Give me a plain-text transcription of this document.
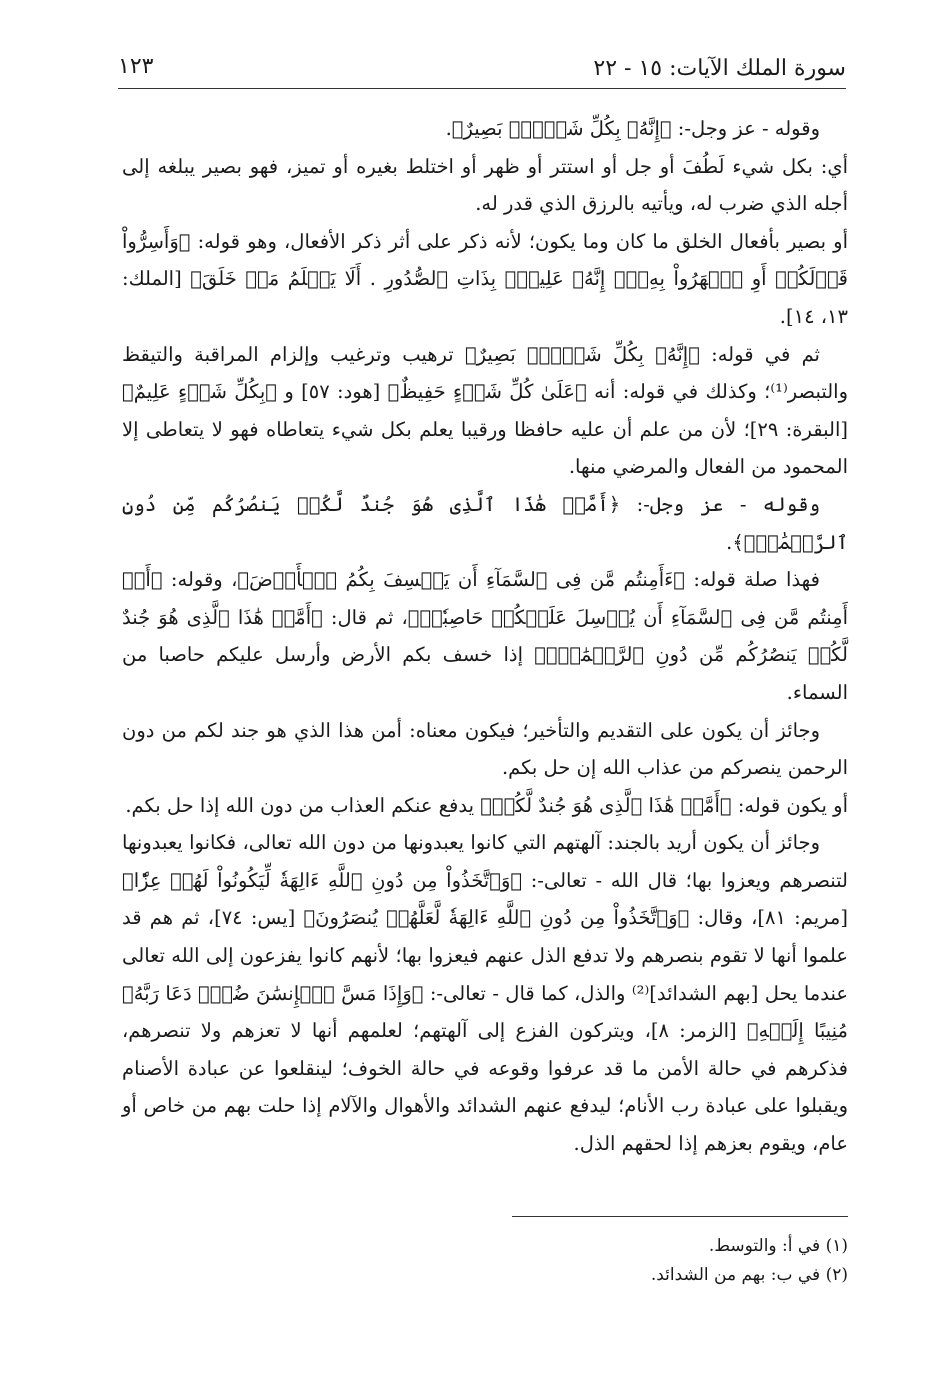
سورة الملك الآيات: ١٥ - ٢٢
١٢٣

وقوله - عز وجل-: ﴿إِنَّهُۥ بِكُلِّ شَىۡءِۭ بَصِيرٌ﴾.

أي: بكل شيء لَطُفَ أو جل أو استتر أو ظهر أو اختلط بغيره أو تميز، فهو بصير يبلغه إلى أجله الذي ضرب له، ويأتيه بالرزق الذي قدر له.

أو بصير بأفعال الخلق ما كان وما يكون؛ لأنه ذكر على أثر ذكر الأفعال، وهو قوله: ﴿وَأَسِرُّواْ قَوۡلَكُمۡ أَوِ ٱجۡهَرُواْ بِهِۦٓۖ إِنَّهُۥ عَلِيمُۢ بِذَاتِ ٱلصُّدُورِ . أَلَا يَعۡلَمُ مَنۡ خَلَقَ﴾ [الملك: ١٣، ١٤].

ثم في قوله: ﴿إِنَّهُۥ بِكُلِّ شَىۡءِۭ بَصِيرٌ﴾ ترهيب وترغيب وإلزام المراقبة والتيقظ والتبصر⁽¹⁾؛ وكذلك في قوله: أنه ﴿عَلَىٰ كُلِّ شَىۡءٍ حَفِيظٌ﴾ [هود: ٥٧] و ﴿بِكُلِّ شَىۡءٍ عَلِيمٌ﴾ [البقرة: ٢٩]؛ لأن من علم أن عليه حافظا ورقيبا يعلم بكل شيء يتعاطاه فهو لا يتعاطى إلا المحمود من الفعال والمرضي منها.

وقوله - عز وجل-: ﴿أَمَّنۡ هَٰذَا ٱلَّذِى هُوَ جُندٌ لَّكُمۡ يَنصُرُكُم مِّن دُونِ ٱلرَّحۡمَٰنِۚ﴾.

فهذا صلة قوله: ﴿ءَأَمِنتُم مَّن فِى ٱلسَّمَآءِ أَن يَخۡسِفَ بِكُمُ ٱلۡأَرۡضَ﴾، وقوله: ﴿أَمۡ أَمِنتُم مَّن فِى ٱلسَّمَآءِ أَن يُرۡسِلَ عَلَيۡكُمۡ حَاصِبٗاۖ﴾، ثم قال: ﴿أَمَّنۡ هَٰذَا ٱلَّذِى هُوَ جُندٌ لَّكُمۡ يَنصُرُكُم مِّن دُونِ ٱلرَّحۡمَٰنِۚ﴾ إذا خسف بكم الأرض وأرسل عليكم حاصبا من السماء.

وجائز أن يكون على التقديم والتأخير؛ فيكون معناه: أمن هذا الذي هو جند لكم من دون الرحمن ينصركم من عذاب الله إن حل بكم.

أو يكون قوله: ﴿أَمَّنۡ هَٰذَا ٱلَّذِى هُوَ جُندٌ لَّكُمۡ﴾ يدفع عنكم العذاب من دون الله إذا حل بكم.

وجائز أن يكون أريد بالجند: آلهتهم التي كانوا يعبدونها من دون الله تعالى، فكانوا يعبدونها لتنصرهم ويعزوا بها؛ قال الله - تعالى-: ﴿وَٱتَّخَذُواْ مِن دُونِ ٱللَّهِ ءَالِهَةٗ لِّيَكُونُواْ لَهُمۡ عِزّٗا﴾ [مريم: ٨١]، وقال: ﴿وَٱتَّخَذُواْ مِن دُونِ ٱللَّهِ ءَالِهَةٗ لَّعَلَّهُمۡ يُنصَرُونَ﴾ [يس: ٧٤]، ثم هم قد علموا أنها لا تقوم بنصرهم ولا تدفع الذل عنهم فيعزوا بها؛ لأنهم كانوا يفزعون إلى الله تعالى عندما يحل [بهم الشدائد]⁽²⁾ والذل، كما قال - تعالى-: ﴿وَإِذَا مَسَّ ٱلۡإِنسَٰنَ ضُرّٞ دَعَا رَبَّهُۥ مُنِيبًا إِلَيۡهِ﴾ [الزمر: ٨]، ويتركون الفزع إلى آلهتهم؛ لعلمهم أنها لا تعزهم ولا تنصرهم، فذكرهم في حالة الأمن ما قد عرفوا وقوعه في حالة الخوف؛ لينقلعوا عن عبادة الأصنام ويقبلوا على عبادة رب الأنام؛ ليدفع عنهم الشدائد والأهوال والآلام إذا حلت بهم من خاص أو عام، ويقوم بعزهم إذا لحقهم الذل.

(١) في أ: والتوسط.
(٢) في ب: بهم من الشدائد.
